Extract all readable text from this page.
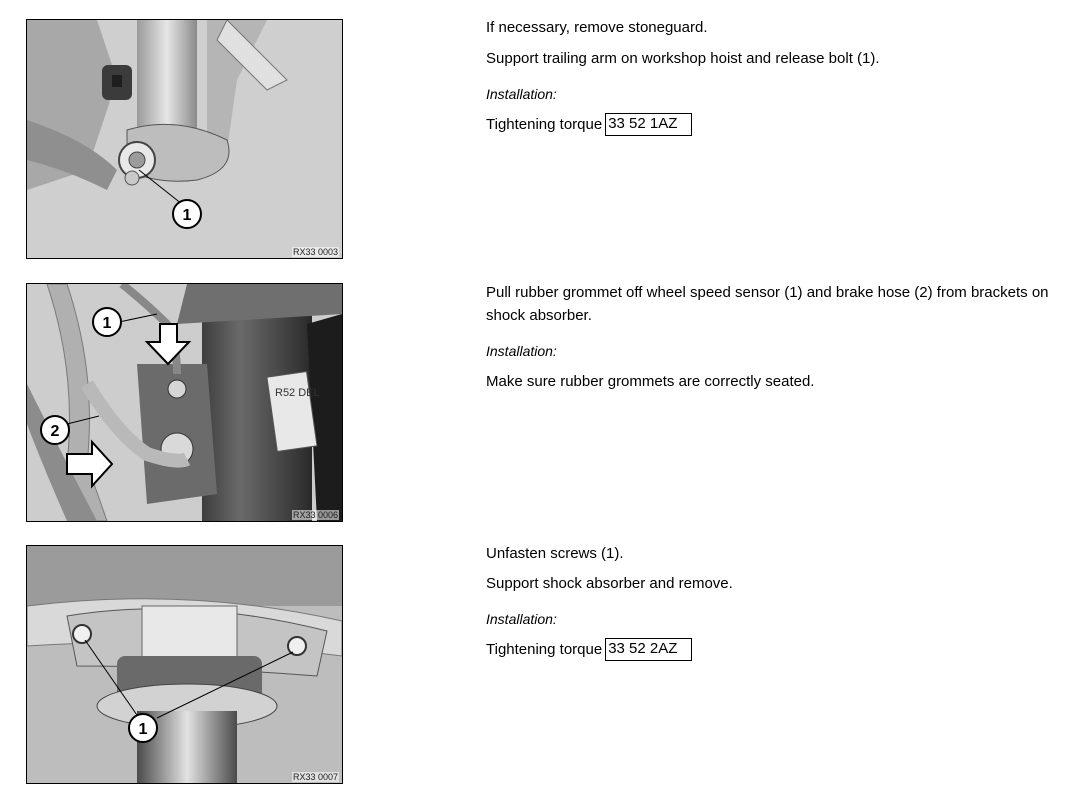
1
RX33 0003

If necessary, remove stoneguard.

Support trailing arm on workshop hoist and release bolt (1).

Installation:

Tightening torque 33 52 1AZ

R52 DEL
1
2
RX33 0006

Pull rubber grommet off wheel speed sensor (1) and brake hose (2) from brackets on shock absorber.

Installation:

Make sure rubber grommets are correctly seated.

1
RX33 0007

Unfasten screws (1).

Support shock absorber and remove.

Installation:

Tightening torque 33 52 2AZ
